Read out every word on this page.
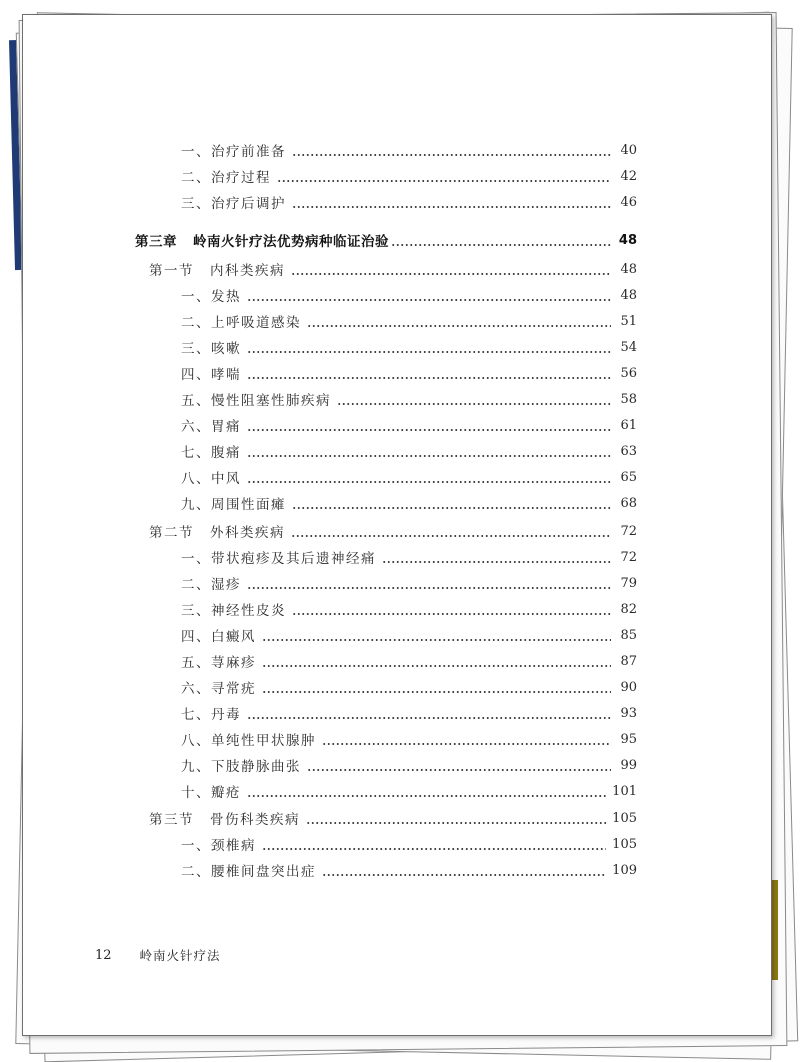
一、治疗前准备	40
二、治疗过程	42
三、治疗后调护	46
第三章 岭南火针疗法优势病种临证治验	48
第一节 内科类疾病	48
一、发热	48
二、上呼吸道感染	51
三、咳嗽	54
四、哮喘	56
五、慢性阻塞性肺疾病	58
六、胃痛	61
七、腹痛	63
八、中风	65
九、周围性面瘫	68
第二节 外科类疾病	72
一、带状疱疹及其后遗神经痛	72
二、湿疹	79
三、神经性皮炎	82
四、白癜风	85
五、荨麻疹	87
六、寻常疣	90
七、丹毒	93
八、单纯性甲状腺肿	95
九、下肢静脉曲张	99
十、瓣疮	101
第三节 骨伤科类疾病	105
一、颈椎病	105
二、腰椎间盘突出症	109
12 岭南火针疗法
